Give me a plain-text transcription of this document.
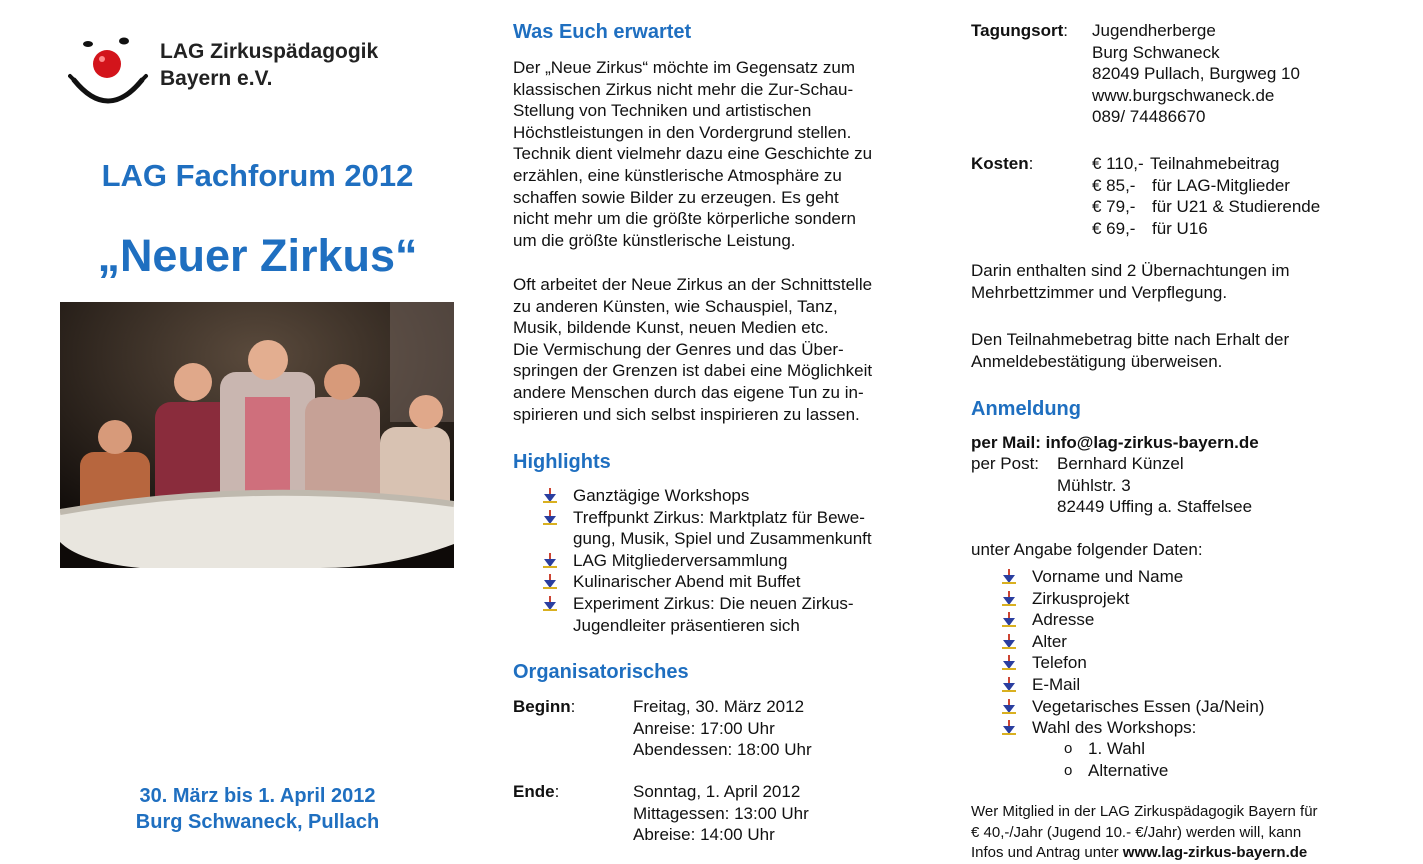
LAG Zirkuspädagogik
Bayern e.V.
LAG Fachforum 2012
„Neuer Zirkus“
30. März bis 1. April 2012
Burg Schwaneck, Pullach
Was Euch erwartet
Der „Neue Zirkus“ möchte im Gegensatz zum
klassischen Zirkus nicht mehr die Zur-Schau-
Stellung von Techniken und artistischen
Höchstleistungen in den Vordergrund stellen.
Technik dient vielmehr dazu eine Geschichte zu
erzählen, eine künstlerische Atmosphäre zu
schaffen sowie Bilder zu erzeugen. Es geht
nicht mehr um die größte körperliche sondern
um die größte künstlerische Leistung.
Oft arbeitet der Neue Zirkus an der Schnittstelle
zu anderen Künsten, wie Schauspiel, Tanz,
Musik, bildende Kunst, neuen Medien etc.
Die Vermischung der Genres und das Über-
springen der Grenzen ist dabei eine Möglichkeit
andere Menschen durch das eigene Tun zu in-
spirieren und sich selbst inspirieren zu lassen.
Highlights
Ganztägige Workshops
Treffpunkt Zirkus: Marktplatz für Bewe-
gung, Musik, Spiel und Zusammenkunft
LAG Mitgliederversammlung
Kulinarischer Abend mit Buffet
Experiment Zirkus: Die neuen Zirkus-
Jugendleiter präsentieren sich
Organisatorisches
Beginn:	Freitag, 30. März 2012
Anreise: 17:00 Uhr
Abendessen: 18:00 Uhr
Ende:	Sonntag, 1. April 2012
Mittagessen: 13:00 Uhr
Abreise: 14:00 Uhr
Tagungsort: Jugendherberge
Burg Schwaneck
82049 Pullach, Burgweg 10
www.burgschwaneck.de
089/ 74486670
Kosten:	€ 110,- Teilnahmebeitrag
€ 85,- für LAG-Mitglieder
€ 79,- für U21 & Studierende
€ 69,- für U16
Darin enthalten sind 2 Übernachtungen im
Mehrbettzimmer und Verpflegung.
Den Teilnahmebetrag bitte nach Erhalt der
Anmeldebestätigung überweisen.
Anmeldung
per Mail: info@lag-zirkus-bayern.de
per Post: Bernhard Künzel
Mühlstr. 3
82449 Uffing a. Staffelsee
unter Angabe folgender Daten:
Vorname und Name
Zirkusprojekt
Adresse
Alter
Telefon
E-Mail
Vegetarisches Essen (Ja/Nein)
Wahl des Workshops:
o 1. Wahl
o Alternative
Wer Mitglied in der LAG Zirkuspädagogik Bayern für
€ 40,-/Jahr (Jugend 10.- €/Jahr) werden will, kann
Infos und Antrag unter www.lag-zirkus-bayern.de
